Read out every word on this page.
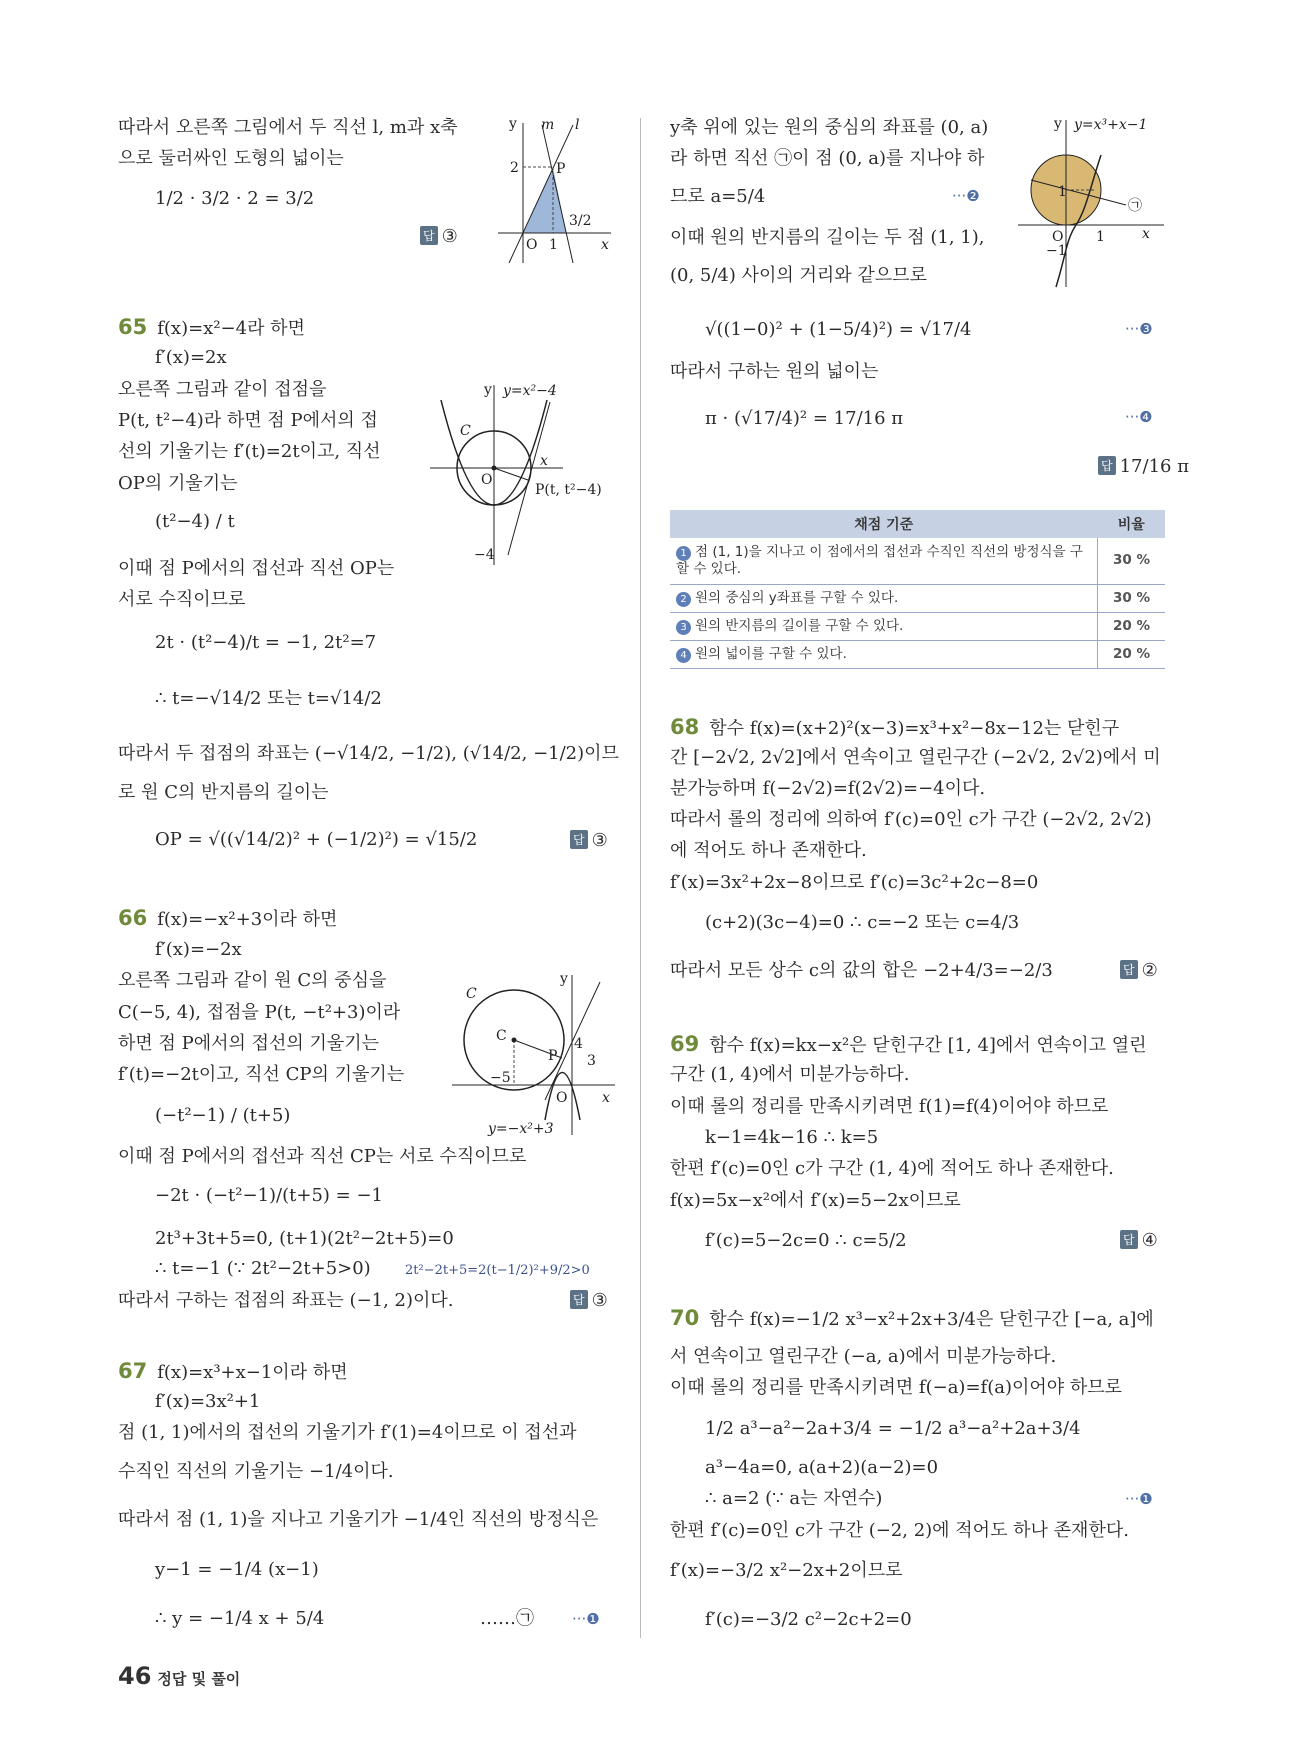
따라서 오른쪽 그림에서 두 직선 l, m과 x축
으로 둘러싸인 도형의 넓이는
1/2 · 3/2 · 2 = 3/2
답 ③
65 f(x)=x²−4라 하면
f′(x)=2x
오른쪽 그림과 같이 접점을
P(t, t²−4)라 하면 점 P에서의 접
선의 기울기는 f′(t)=2t이고, 직선
OP의 기울기는
(t²−4) / t
이때 점 P에서의 접선과 직선 OP는
서로 수직이므로
2t · (t²−4)/t = −1, 2t²=7
∴ t=−√14/2 또는 t=√14/2
따라서 두 접점의 좌표는 (−√14/2, −1/2), (√14/2, −1/2)이므
로 원 C의 반지름의 길이는
OP = √((√14/2)² + (−1/2)²) = √15/2	답 ③
66 f(x)=−x²+3이라 하면
f′(x)=−2x
오른쪽 그림과 같이 원 C의 중심을
C(−5, 4), 접점을 P(t, −t²+3)이라
하면 점 P에서의 접선의 기울기는
f′(t)=−2t이고, 직선 CP의 기울기는
(−t²−1) / (t+5)
이때 점 P에서의 접선과 직선 CP는 서로 수직이므로
−2t · (−t²−1)/(t+5) = −1
2t³+3t+5=0, (t+1)(2t²−2t+5)=0
∴ t=−1 (∵ 2t²−2t+5>0)	2t²−2t+5=2(t−1/2)²+9/2>0
따라서 구하는 접점의 좌표는 (−1, 2)이다.	답 ③
67 f(x)=x³+x−1이라 하면
f′(x)=3x²+1
점 (1, 1)에서의 접선의 기울기가 f′(1)=4이므로 이 접선과
수직인 직선의 기울기는 −1/4이다.
따라서 점 (1, 1)을 지나고 기울기가 −1/4인 직선의 방정식은
y−1 = −1/4 (x−1)
∴ y = −1/4 x + 5/4	……㉠	···❶
y축 위에 있는 원의 중심의 좌표를 (0, a)
라 하면 직선 ㉠이 점 (0, a)를 지나야 하
므로 a=5/4	···❷
이때 원의 반지름의 길이는 두 점 (1, 1),
(0, 5/4) 사이의 거리와 같으므로
√((1−0)² + (1−5/4)²) = √17/4	···❸
따라서 구하는 원의 넓이는
π · (√17/4)² = 17/16 π	···❹
답 17/16 π
채점 기준	비율
1 점 (1, 1)을 지나고 이 점에서의 접선과 수직인 직선의 방정식을 구할 수 있다.	30 %
2 원의 중심의 y좌표를 구할 수 있다.	30 %
3 원의 반지름의 길이를 구할 수 있다.	20 %
4 원의 넓이를 구할 수 있다.	20 %
68 함수 f(x)=(x+2)²(x−3)=x³+x²−8x−12는 닫힌구
간 [−2√2, 2√2]에서 연속이고 열린구간 (−2√2, 2√2)에서 미
분가능하며 f(−2√2)=f(2√2)=−4이다.
따라서 롤의 정리에 의하여 f′(c)=0인 c가 구간 (−2√2, 2√2)
에 적어도 하나 존재한다.
f′(x)=3x²+2x−8이므로 f′(c)=3c²+2c−8=0
(c+2)(3c−4)=0 ∴ c=−2 또는 c=4/3
따라서 모든 상수 c의 값의 합은 −2+4/3=−2/3	답 ②
69 함수 f(x)=kx−x²은 닫힌구간 [1, 4]에서 연속이고 열린
구간 (1, 4)에서 미분가능하다.
이때 롤의 정리를 만족시키려면 f(1)=f(4)이어야 하므로
k−1=4k−16 ∴ k=5
한편 f′(c)=0인 c가 구간 (1, 4)에 적어도 하나 존재한다.
f(x)=5x−x²에서 f′(x)=5−2x이므로
f′(c)=5−2c=0 ∴ c=5/2	답 ④
70 함수 f(x)=−1/2 x³−x²+2x+3/4은 닫힌구간 [−a, a]에
서 연속이고 열린구간 (−a, a)에서 미분가능하다.
이때 롤의 정리를 만족시키려면 f(−a)=f(a)이어야 하므로
1/2 a³−a²−2a+3/4 = −1/2 a³−a²+2a+3/4
a³−4a=0, a(a+2)(a−2)=0
∴ a=2 (∵ a는 자연수)	···❶
한편 f′(c)=0인 c가 구간 (−2, 2)에 적어도 하나 존재한다.
f′(x)=−3/2 x²−2x+2이므로
f′(c)=−3/2 c²−2c+2=0
y m l
2	P
3/2
O 1	x
y y=x²−4
C
O
x
P(t, t²−4)
−4
y
C
C
P
4
3
−5
O x
y=−x²+3
y y=x³+x−1
1
O 1
−1
x
㉠
46 정답 및 풀이
